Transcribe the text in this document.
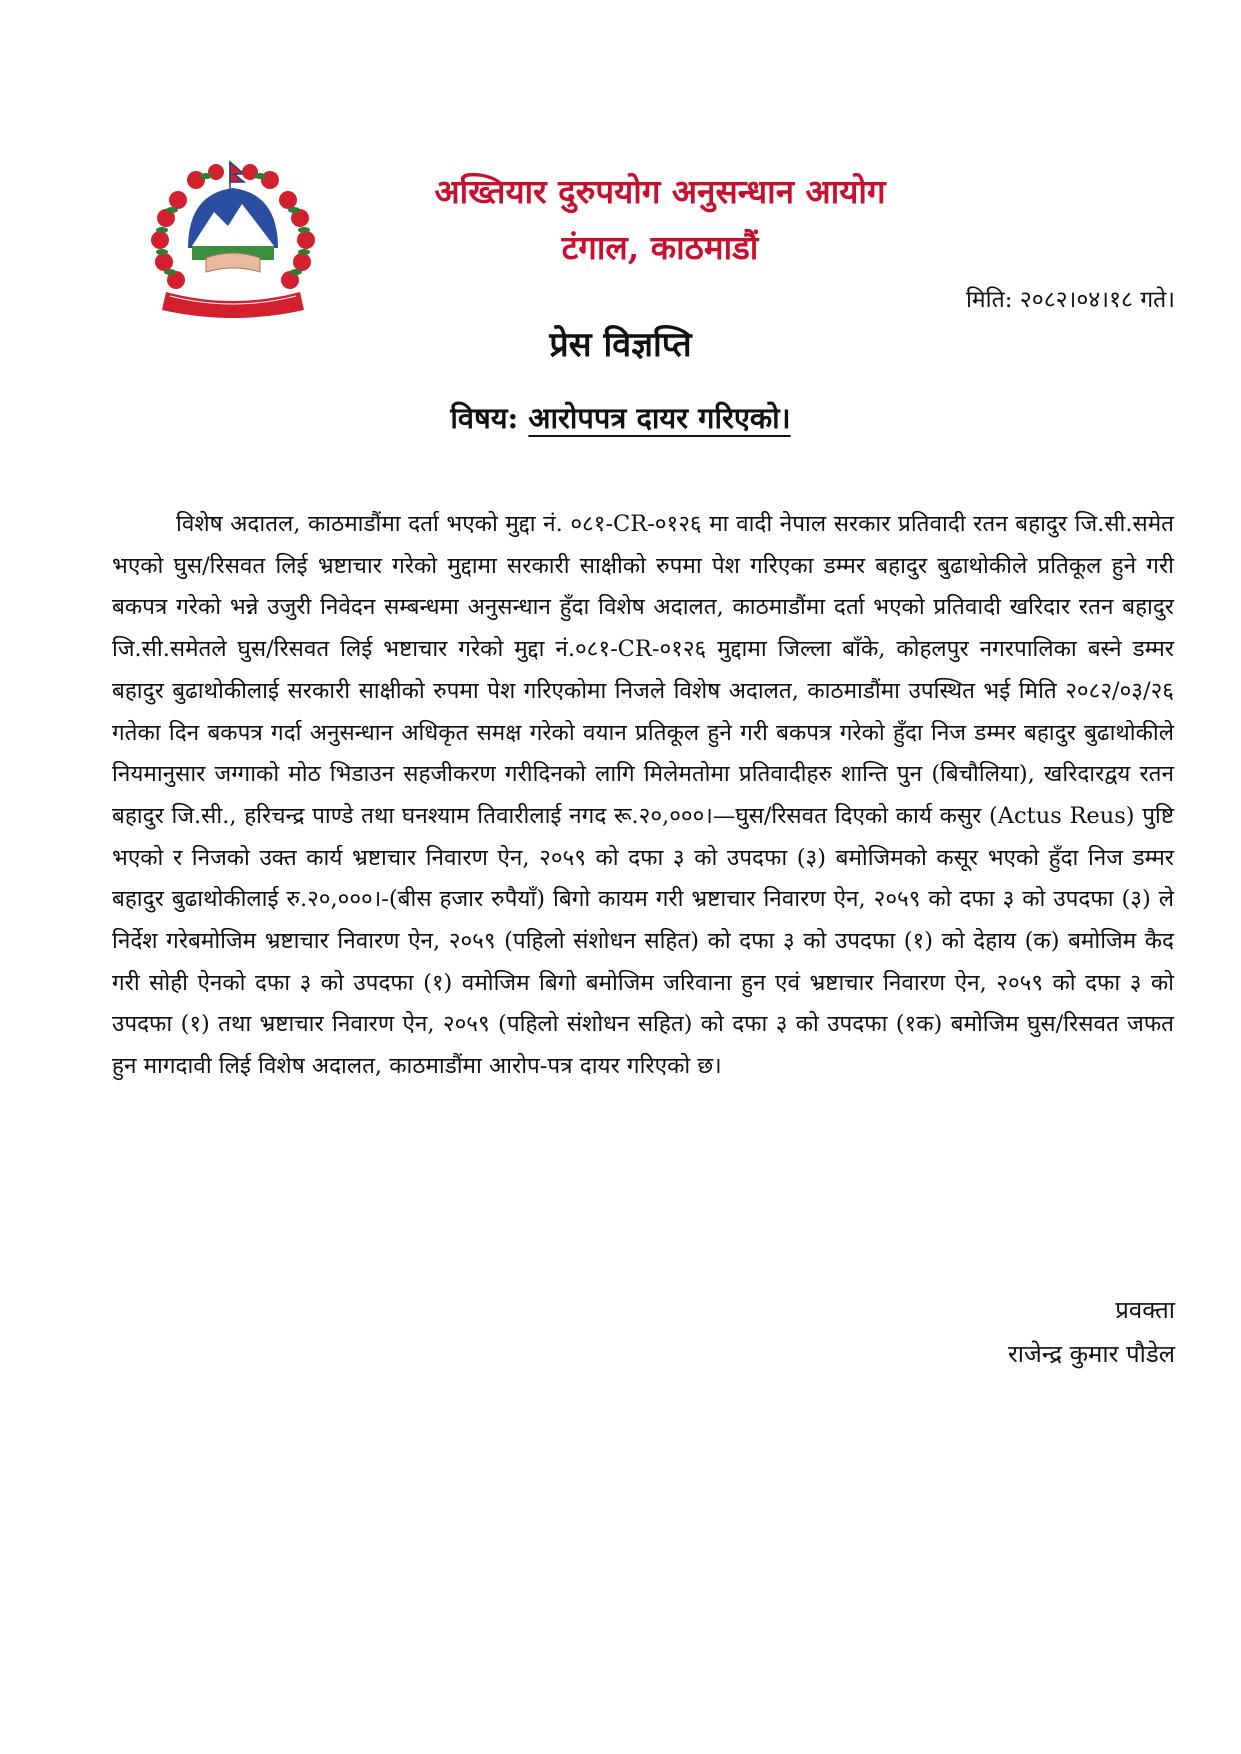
अख्तियार दुरुपयोग अनुसन्धान आयोग
टंगाल, काठमाडौं
मिति: २०८२।०४।१८ गते।
प्रेस विज्ञप्ति
विषय: आरोपपत्र दायर गरिएको।
विशेष अदातल, काठमाडौंमा दर्ता भएको मुद्दा नं. ०८१-CR-०१२६ मा वादी नेपाल सरकार प्रतिवादी रतन बहादुर जि.सी.समेत भएको घुस/रिसवत लिई भ्रष्टाचार गरेको मुद्दामा सरकारी साक्षीको रुपमा पेश गरिएका डम्मर बहादुर बुढाथोकीले प्रतिकूल हुने गरी बकपत्र गरेको भन्ने उजुरी निवेदन सम्बन्धमा अनुसन्धान हुँदा विशेष अदालत, काठमाडौंमा दर्ता भएको प्रतिवादी खरिदार रतन बहादुर जि.सी.समेतले घुस/रिसवत लिई भष्टाचार गरेको मुद्दा नं.०८१-CR-०१२६ मुद्दामा जिल्ला बाँके, कोहलपुर नगरपालिका बस्ने डम्मर बहादुर बुढाथोकीलाई सरकारी साक्षीको रुपमा पेश गरिएकोमा निजले विशेष अदालत, काठमाडौंमा उपस्थित भई मिति २०८२/०३/२६ गतेका दिन बकपत्र गर्दा अनुसन्धान अधिकृत समक्ष गरेको वयान प्रतिकूल हुने गरी बकपत्र गरेको हुँदा निज डम्मर बहादुर बुढाथोकीले नियमानुसार जग्गाको मोठ भिडाउन सहजीकरण गरीदिनको लागि मिलेमतोमा प्रतिवादीहरु शान्ति पुन (बिचौलिया), खरिदारद्वय रतन बहादुर जि.सी., हरिचन्द्र पाण्डे तथा घनश्याम तिवारीलाई नगद रू.२०,०००।—घुस/रिसवत दिएको कार्य कसुर (Actus Reus) पुष्टि भएको र निजको उक्त कार्य भ्रष्टाचार निवारण ऐन, २०५९ को दफा ३ को उपदफा (३) बमोजिमको कसूर भएको हुँदा निज डम्मर बहादुर बुढाथोकीलाई रु.२०,०००।-(बीस हजार रुपैयाँ) बिगो कायम गरी भ्रष्टाचार निवारण ऐन, २०५९ को दफा ३ को उपदफा (३) ले निर्देश गरेबमोजिम भ्रष्टाचार निवारण ऐन, २०५९ (पहिलो संशोधन सहित) को दफा ३ को उपदफा (१) को देहाय (क) बमोजिम कैद गरी सोही ऐनको दफा ३ को उपदफा (१) वमोजिम बिगो बमोजिम जरिवाना हुन एवं भ्रष्टाचार निवारण ऐन, २०५९ को दफा ३ को उपदफा (१) तथा भ्रष्टाचार निवारण ऐन, २०५९ (पहिलो संशोधन सहित) को दफा ३ को उपदफा (१क) बमोजिम घुस/रिसवत जफत हुन मागदावी लिई विशेष अदालत, काठमाडौंमा आरोप-पत्र दायर गरिएको छ।
प्रवक्ता
राजेन्द्र कुमार पौडेल
